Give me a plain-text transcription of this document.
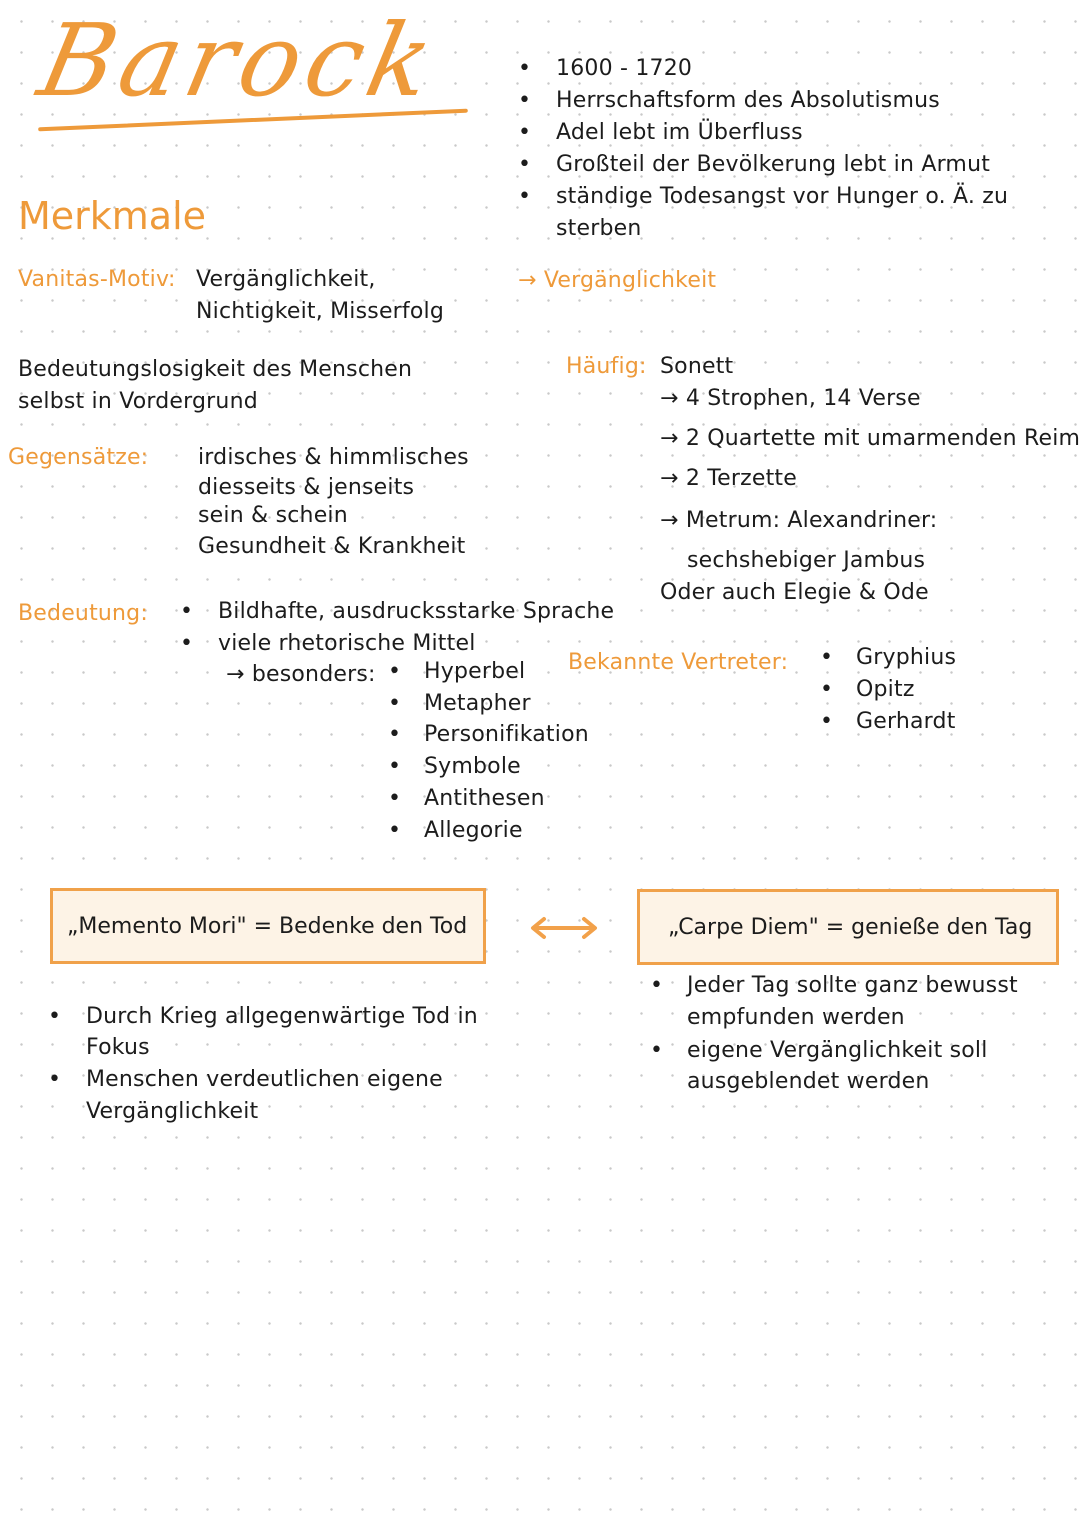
Barock	• 1600 - 1720
• Herrschaftsform des Absolutismus
• Adel lebt im Überfluss
• Großteil der Bevölkerung lebt in Armut
• ständige Todesangst vor Hunger o. Ä. zu
sterben
Merkmale
Vanitas-Motiv: Vergänglichkeit,
Nichtigkeit, Misserfolg
→ Vergänglichkeit
Bedeutungslosigkeit des Menschen
selbst in Vordergrund
Häufig: Sonett
→ 4 Strophen, 14 Verse
→ 2 Quartette mit umarmenden Reim
→ 2 Terzette
→ Metrum: Alexandriner:
sechshebiger Jambus
Oder auch Elegie & Ode
Gegensätze: irdisches & himmlisches
diesseits & jenseits
sein & schein
Gesundheit & Krankheit
Bedeutung: • Bildhafte, ausdrucksstarke Sprache
• viele rhetorische Mittel
→ besonders: • Hyperbel
• Metapher
• Personifikation
• Symbole
• Antithesen
• Allegorie
Bekannte Vertreter: • Gryphius
• Opitz
• Gerhardt
„Memento Mori" = Bedenke den Tod	„Carpe Diem" = genieße den Tag
• Durch Krieg allgegenwärtige Tod in
Fokus
• Menschen verdeutlichen eigene
Vergänglichkeit
• Jeder Tag sollte ganz bewusst
empfunden werden
• eigene Vergänglichkeit soll
ausgeblendet werden
